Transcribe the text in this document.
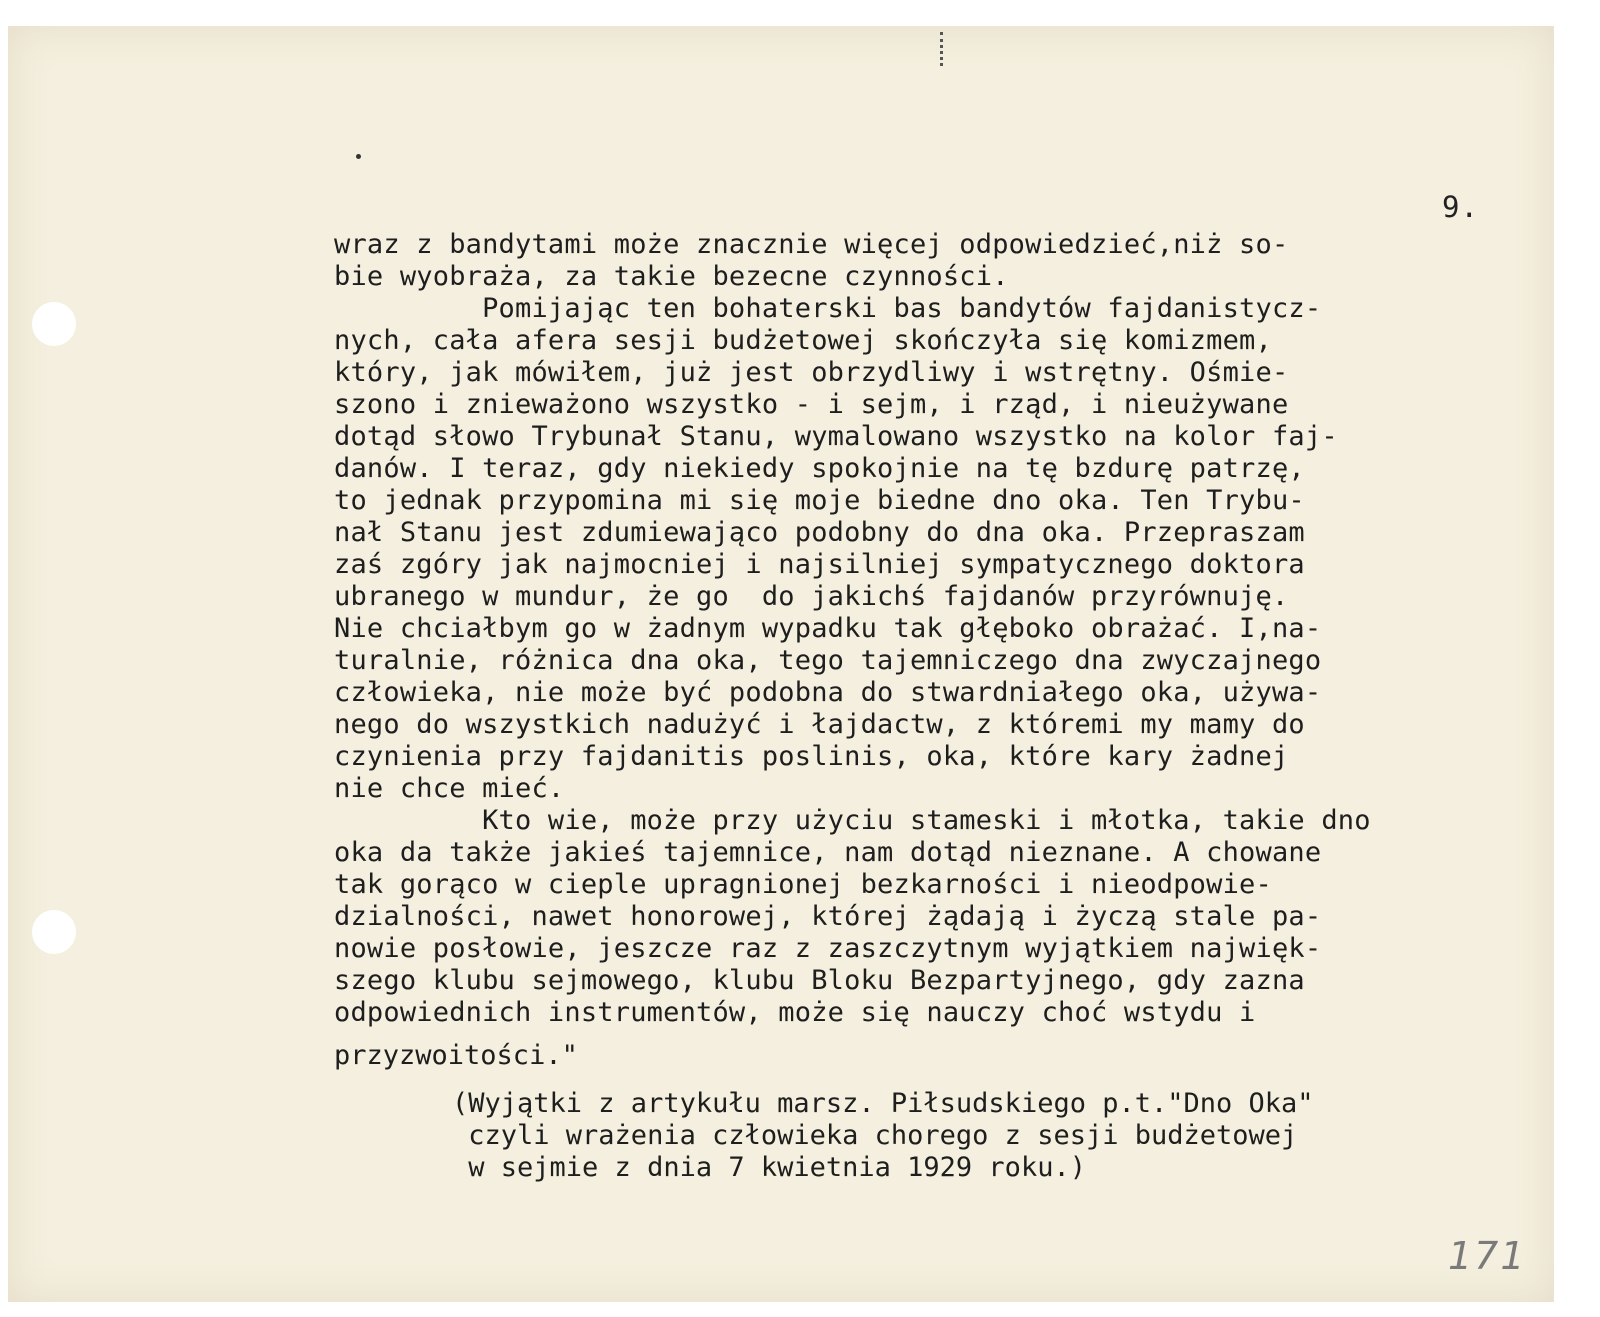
9.
wraz z bandytami może znacznie więcej odpowiedzieć,niż so-
bie wyobraża, za takie bezecne czynności.
Pomijając ten bohaterski bas bandytów fajdanistycz-
nych, cała afera sesji budżetowej skończyła się komizmem,
który, jak mówiłem, już jest obrzydliwy i wstrętny. Ośmie-
szono i znieważono wszystko - i sejm, i rząd, i nieużywane
dotąd słowo Trybunał Stanu, wymalowano wszystko na kolor faj-
danów. I teraz, gdy niekiedy spokojnie na tę bzdurę patrzę,
to jednak przypomina mi się moje biedne dno oka. Ten Trybu-
nał Stanu jest zdumiewająco podobny do dna oka. Przepraszam
zaś zgóry jak najmocniej i najsilniej sympatycznego doktora
ubranego w mundur, że go  do jakichś fajdanów przyrównuję.
Nie chciałbym go w żadnym wypadku tak głęboko obrażać. I,na-
turalnie, różnica dna oka, tego tajemniczego dna zwyczajnego
człowieka, nie może być podobna do stwardniałego oka, używa-
nego do wszystkich nadużyć i łajdactw, z któremi my mamy do
czynienia przy fajdanitis poslinis, oka, które kary żadnej
nie chce mieć.
Kto wie, może przy użyciu stameski i młotka, takie dno
oka da także jakieś tajemnice, nam dotąd nieznane. A chowane
tak gorąco w cieple upragnionej bezkarności i nieodpowie-
dzialności, nawet honorowej, której żądają i życzą stale pa-
nowie posłowie, jeszcze raz z zaszczytnym wyjątkiem najwięk-
szego klubu sejmowego, klubu Bloku Bezpartyjnego, gdy zazna
odpowiednich instrumentów, może się nauczy choć wstydu i
przyzwoitości."
(Wyjątki z artykułu marsz. Piłsudskiego p.t."Dno Oka"
czyli wrażenia człowieka chorego z sesji budżetowej
w sejmie z dnia 7 kwietnia 1929 roku.)
171
